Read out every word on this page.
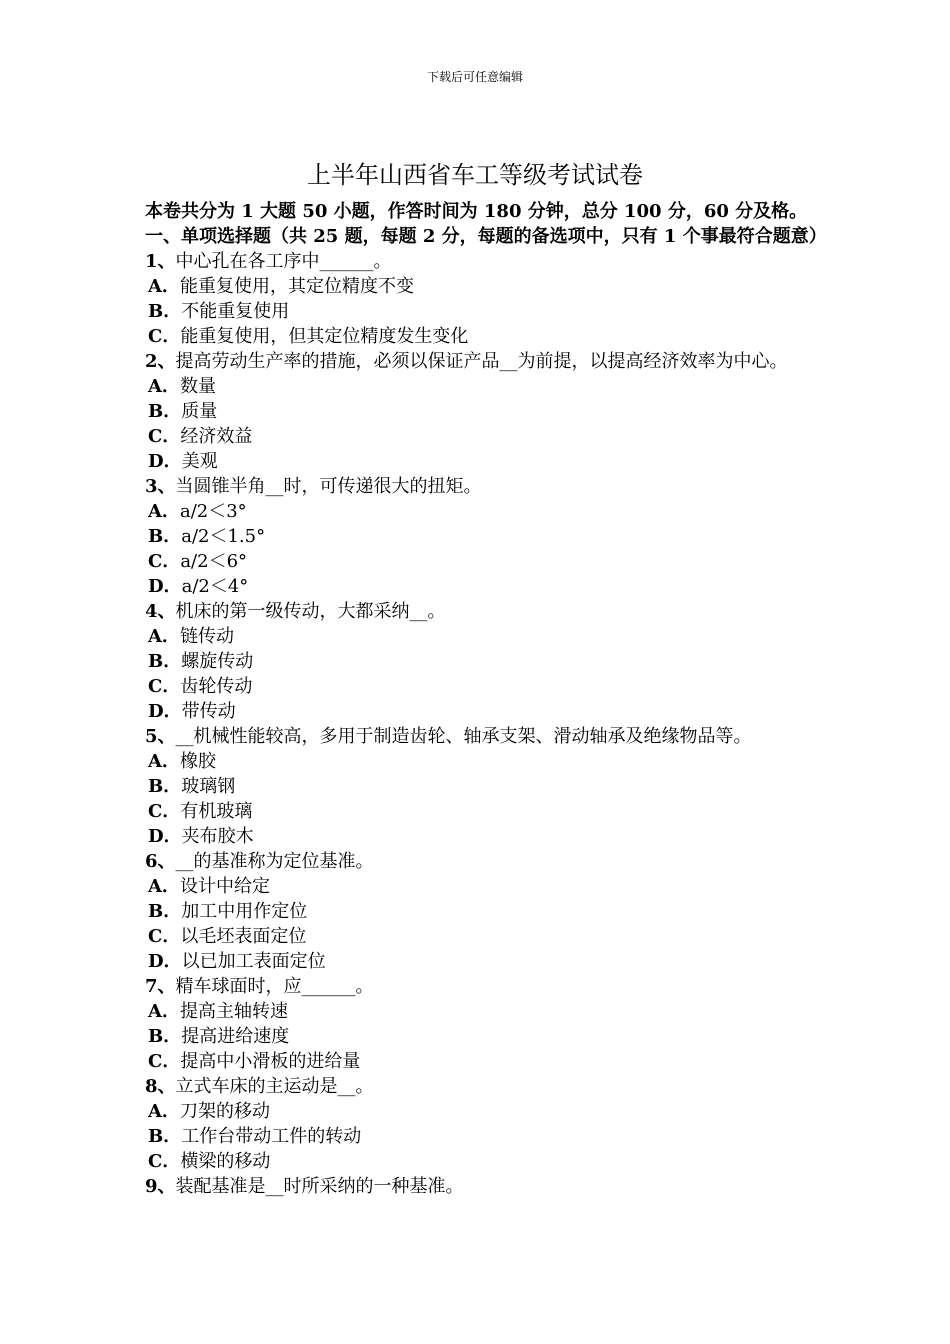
下载后可任意编辑
上半年山西省车工等级考试试卷
本卷共分为 1 大题 50 小题，作答时间为 180 分钟，总分 100 分，60 分及格。
一、单项选择题（共 25 题，每题 2 分，每题的备选项中，只有 1 个事最符合题意）
1、中心孔在各工序中______。
A．能重复使用，其定位精度不变
B．不能重复使用
C．能重复使用，但其定位精度发生变化
2、提高劳动生产率的措施，必须以保证产品__为前提，以提高经济效率为中心。
A．数量
B．质量
C．经济效益
D．美观
3、当圆锥半角__时，可传递很大的扭矩。
A．a/2＜3°
B．a/2＜1.5°
C．a/2＜6°
D．a/2＜4°
4、机床的第一级传动，大都采纳__。
A．链传动
B．螺旋传动
C．齿轮传动
D．带传动
5、__机械性能较高，多用于制造齿轮、轴承支架、滑动轴承及绝缘物品等。
A．橡胶
B．玻璃钢
C．有机玻璃
D．夹布胶木
6、__的基准称为定位基准。
A．设计中给定
B．加工中用作定位
C．以毛坯表面定位
D．以已加工表面定位
7、精车球面时，应______。
A．提高主轴转速
B．提高进给速度
C．提高中小滑板的进给量
8、立式车床的主运动是__。
A．刀架的移动
B．工作台带动工件的转动
C．横梁的移动
9、装配基准是__时所采纳的一种基准。
